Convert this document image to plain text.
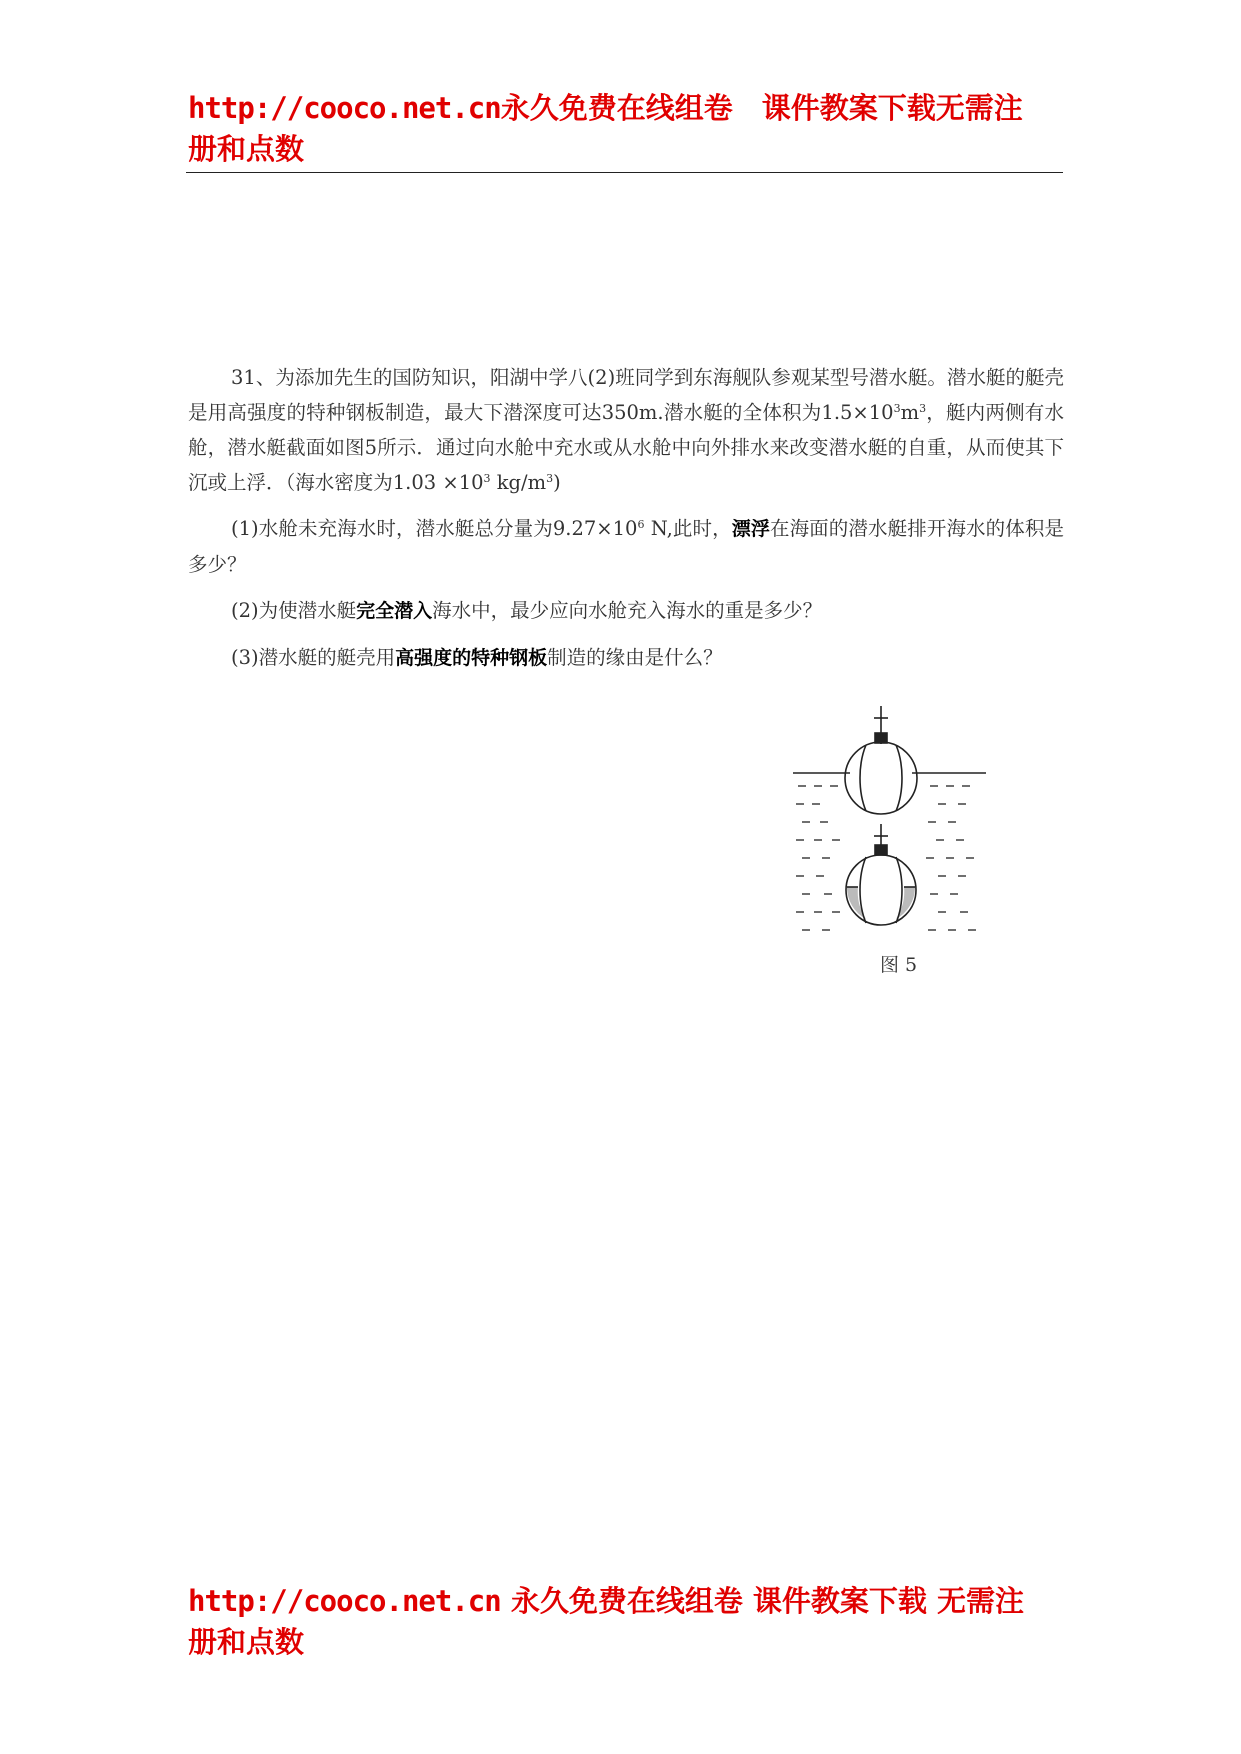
http://cooco.net.cn永久免费在线组卷　课件教案下载无需注
册和点数

31、为添加先生的国防知识，阳湖中学八(2)班同学到东海舰队参观某型号潜水艇。潜水艇的艇壳是用高强度的特种钢板制造，最大下潜深度可达350m.潜水艇的全体积为$1.5\times 10^3m^3$，艇内两侧有水舱，潜水艇截面如图5所示．通过向水舱中充水或从水舱中向外排水来改变潜水艇的自重，从而使其下沉或上浮．（海水密度为$1.03 \times 10^3$ $kg/m^3$)

(1)水舱未充海水时，潜水艇总分量为$9.27\times 10^6$ N,此时，漂浮在海面的潜水艇排开海水的体积是多少？

(2)为使潜水艇完全潜入海水中，最少应向水舱充入海水的重是多少？

(3)潜水艇的艇壳用高强度的特种钢板制造的缘由是什么？

图 5
http://cooco.net.cn 永久免费在线组卷 课件教案下载 无需注
册和点数
